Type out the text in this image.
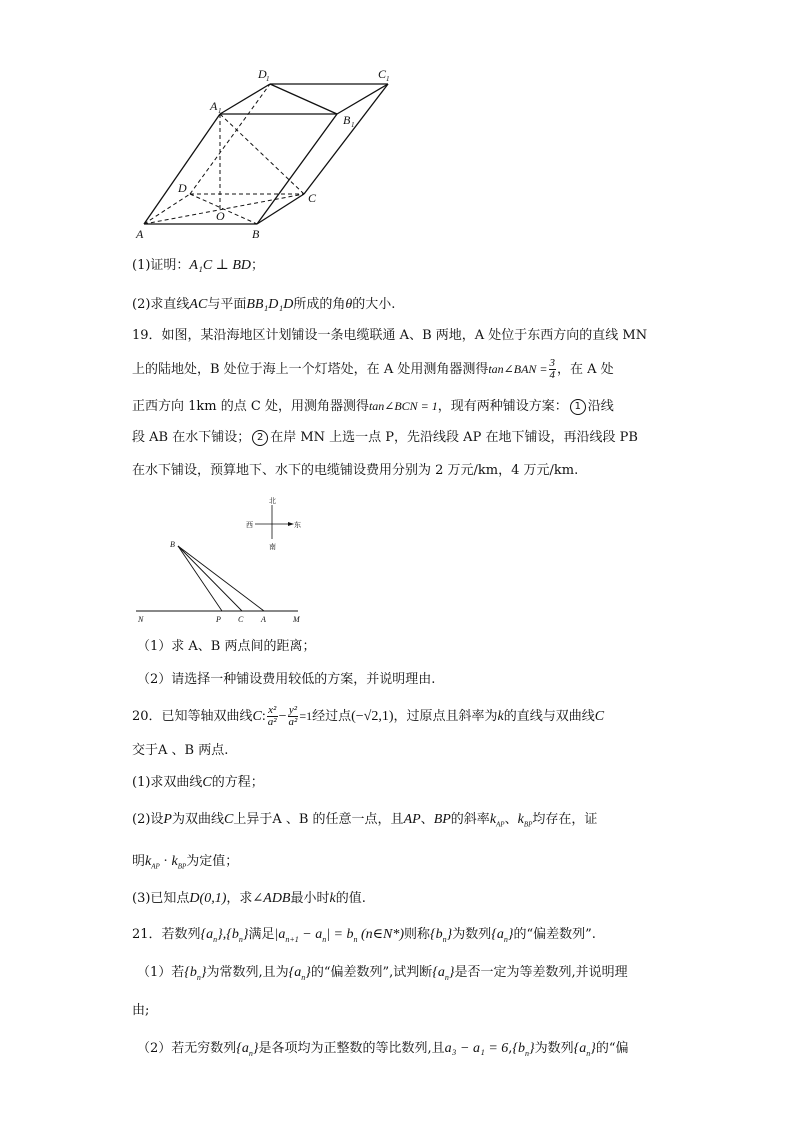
A	B
C
D
O
A 1
B 1
C 1
D 1
(1)证明：A₁C ⊥ BD；
(2)求直线AC与平面BB₁D₁D所成的角θ的大小.
19．如图，某沿海地区计划铺设一条电缆联通 A、B 两地，A 处位于东西方向的直线 MN
上的陆地处，B 处位于海上一个灯塔处，在 A 处用测角器测得tan∠BAN = $\frac{3}{4}$ ，在 A 处
正西方向 1km 的点 C 处，用测角器测得tan∠BCN = 1，现有两种铺设方案： 1 沿线
段 AB 在水下铺设； 2 在岸 MN 上选一点 P，先沿线段 AP 在地下铺设，再沿线段 PB
在水下铺设，预算地下、水下的电缆铺设费用分别为 2 万元/km，4 万元/km.
北
南
西	东
B
N	P C A	M
（1）求 A、B 两点间的距离；
（2）请选择一种铺设费用较低的方案，并说明理由.
20．已知等轴双曲线C: $\frac{\text{x²}}{\text{a²}} - \frac{\text{y²}}{\text{a²}} =1$经过点(−√2,1)，过原点且斜率为k的直线与双曲线C
交于A 、B 两点.
(1)求双曲线C的方程；
(2)设P为双曲线C上异于A 、B 的任意一点，且AP、BP的斜率$k_{AP}$、$k_{BP}$均存在，证
明$k_{AP} \cdot k_{BP}$为定值；
(3)已知点D(0,1)，求∠ADB最小时k的值.
21．若数列$\{a_n\},\{b_n\}$满足$|a_{n+1} - a_n| = b_n$ (n∈N*)则称$\{b_n\}$为数列$\{a_n\}$的“偏差数列”.
（1）若$\{b_n\}$为常数列,且为$\{a_n\}$的“偏差数列”,试判断$\{a_n\}$是否一定为等差数列,并说明理
由;
（2）若无穷数列$\{a_n\}$是各项均为正整数的等比数列,且$a_3 - a_1 = 6,\{b_n\}$为数列$\{a_n\}$的“偏
